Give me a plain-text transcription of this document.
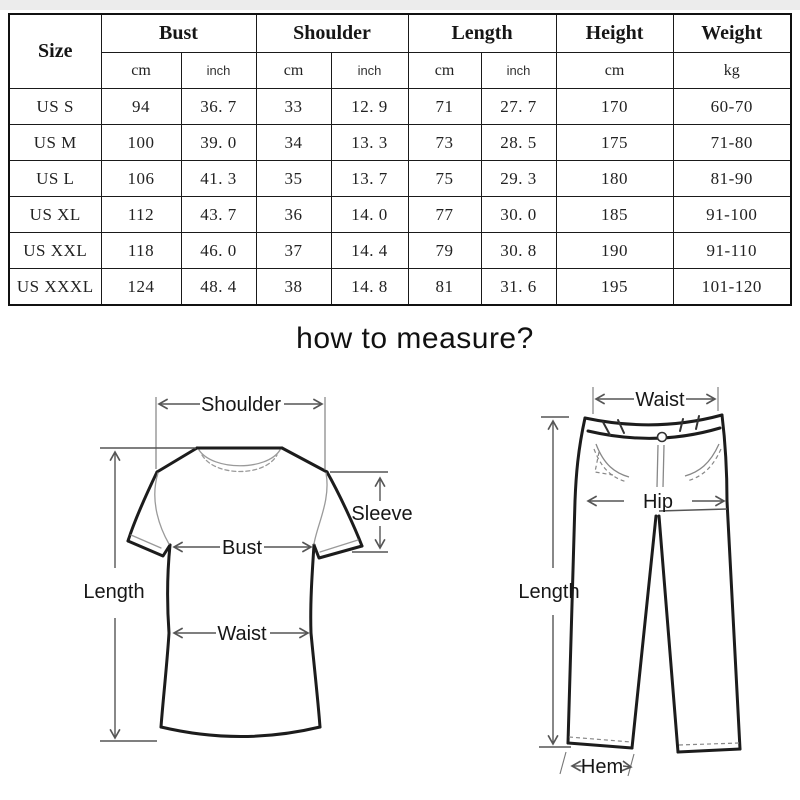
Size	Bust		Shoulder		Length		Height	Weight
	cm	inch	cm	inch	cm	inch	cm	kg
US S	94	36. 7	33	12. 9	71	27. 7	170	60-70
US M	100	39. 0	34	13. 3	73	28. 5	175	71-80
US L	106	41. 3	35	13. 7	75	29. 3	180	81-90
US XL	112	43. 7	36	14. 0	77	30. 0	185	91-100
US XXL	118	46. 0	37	14. 4	79	30. 8	190	91-110
US XXXL	124	48. 4	38	14. 8	81	31. 6	195	101-120
how to measure?
Shoulder
Length
Bust
Sleeve
Waist
Waist
Length
Hip
Hem
